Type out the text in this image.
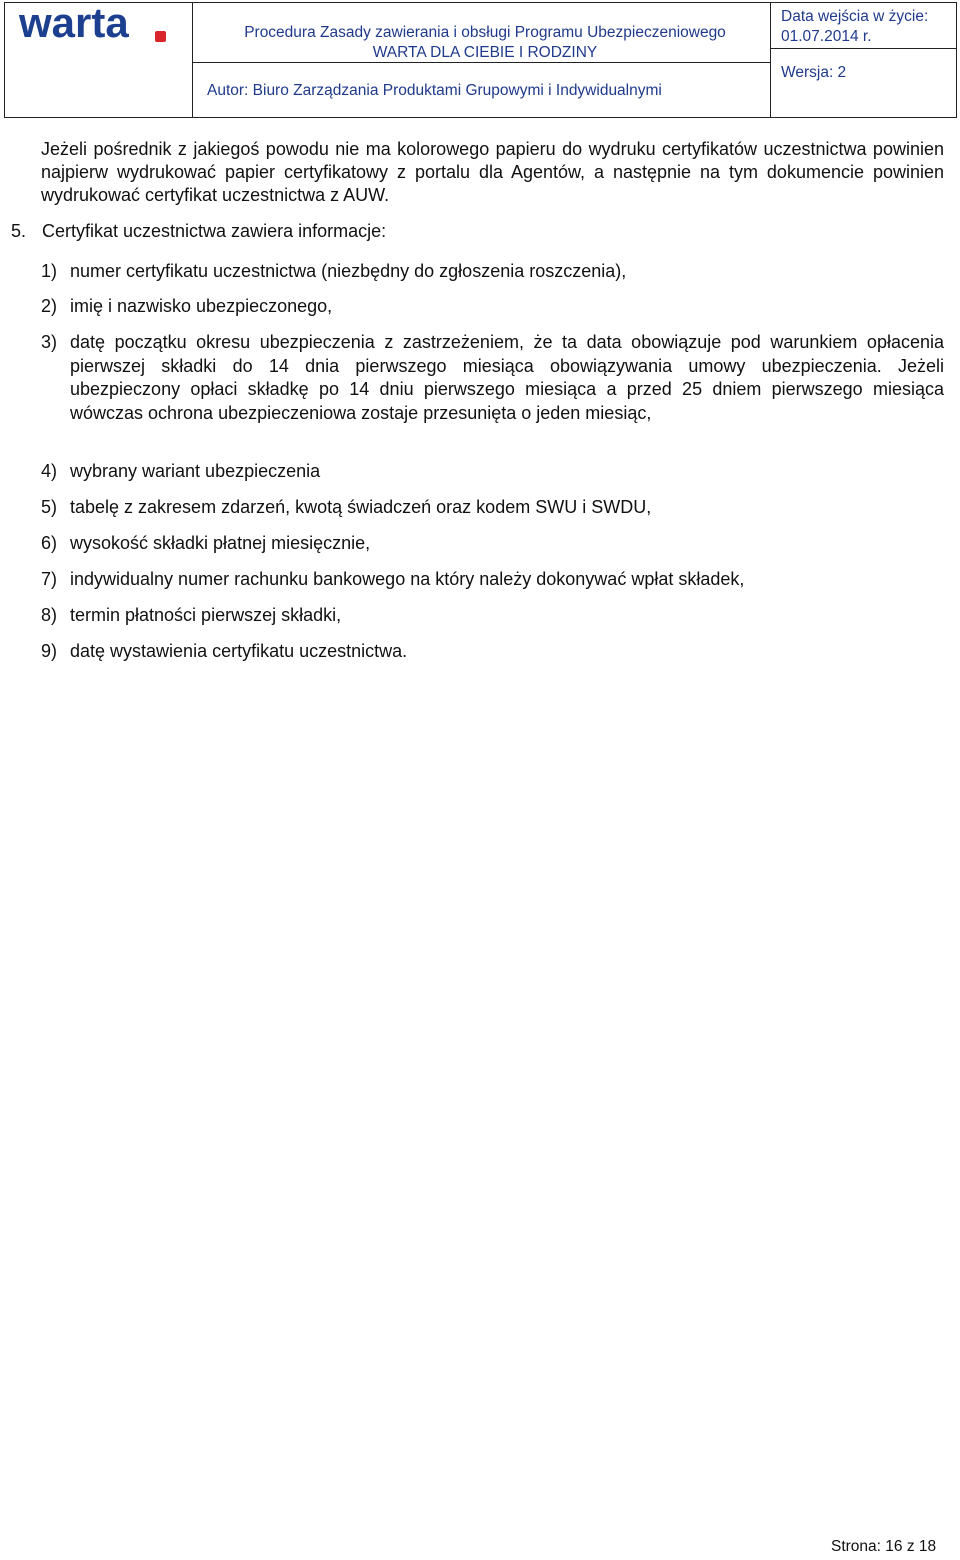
warta	Procedura Zasady zawierania i obsługi Programu Ubezpieczeniowego
WARTA DLA CIEBIE I RODZINY
Autor: Biuro Zarządzania Produktami Grupowymi i Indywidualnymi
Data wejścia w życie:
01.07.2014 r.
Wersja: 2

Jeżeli pośrednik z jakiegoś powodu nie ma kolorowego papieru do wydruku certyfikatów uczestnictwa powinien najpierw wydrukować papier certyfikatowy z portalu dla Agentów, a następnie na tym dokumencie powinien wydrukować certyfikat uczestnictwa z AUW.

5. Certyfikat uczestnictwa zawiera informacje:
1) numer certyfikatu uczestnictwa (niezbędny do zgłoszenia roszczenia),
2) imię i nazwisko ubezpieczonego,
3) datę początku okresu ubezpieczenia z zastrzeżeniem, że ta data obowiązuje pod warunkiem opłacenia pierwszej składki do 14 dnia pierwszego miesiąca obowiązywania umowy ubezpieczenia. Jeżeli ubezpieczony opłaci składkę po 14 dniu pierwszego miesiąca a przed 25 dniem pierwszego miesiąca wówczas ochrona ubezpieczeniowa zostaje przesunięta o jeden miesiąc,
4) wybrany wariant ubezpieczenia
5) tabelę z zakresem zdarzeń, kwotą świadczeń oraz kodem SWU i SWDU,
6) wysokość składki płatnej miesięcznie,
7) indywidualny numer rachunku bankowego na który należy dokonywać wpłat składek,
8) termin płatności pierwszej składki,
9) datę wystawienia certyfikatu uczestnictwa.
Strona: 16 z 18
